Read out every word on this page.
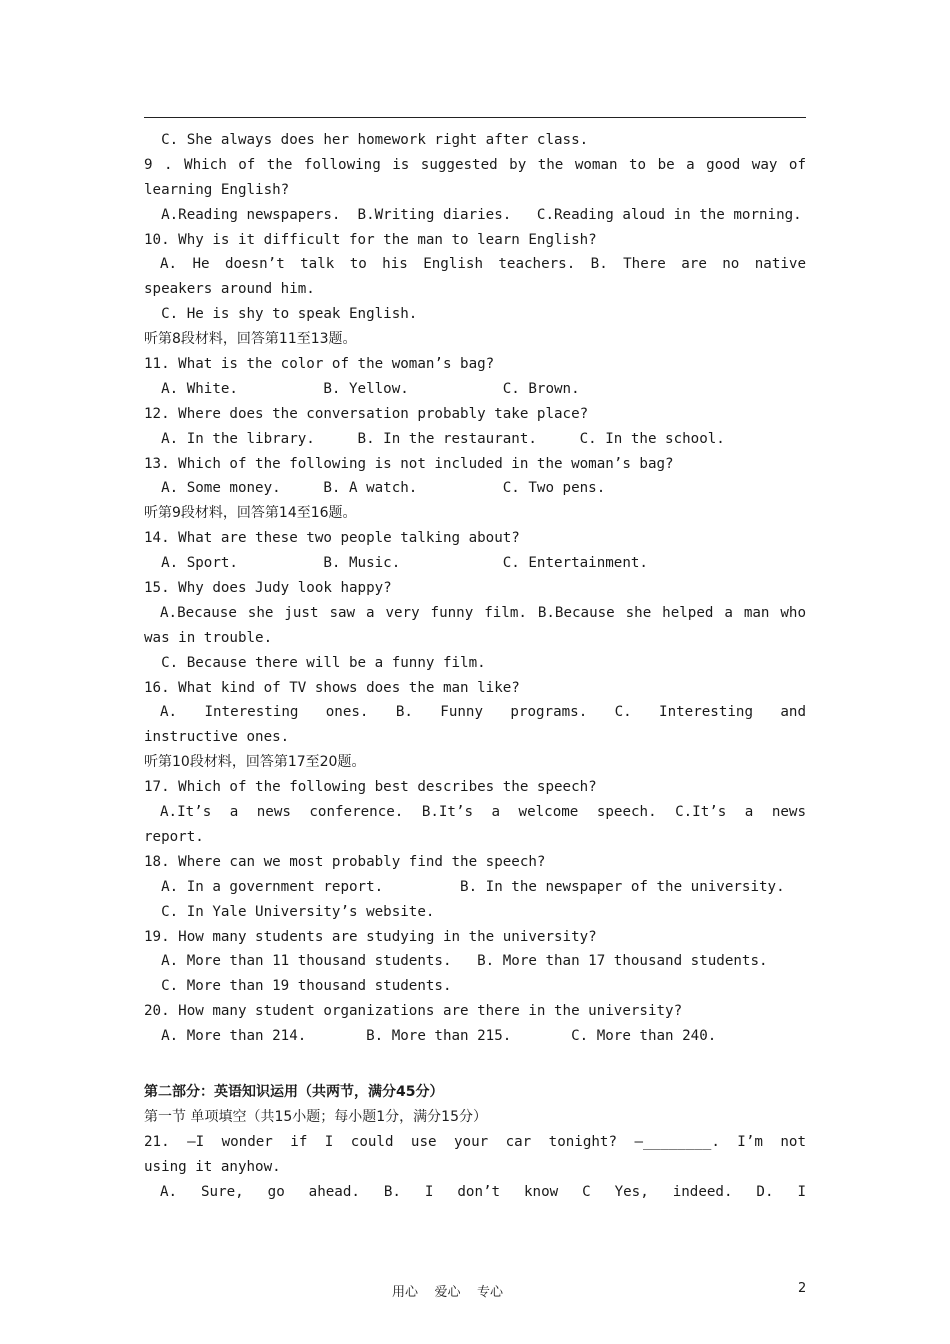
C. She always does her homework right after class.
9 . Which of the following is suggested by the woman to be a good way of
learning English?
A.Reading newspapers.  B.Writing diaries.   C.Reading aloud in the morning.
10. Why is it difficult for the man to learn English?
A. He doesn’t talk to his English teachers. B. There are no native
speakers around him.
C. He is shy to speak English.
听第8段材料，回答第11至13题。
11. What is the color of the woman’s bag?
A. White.          B. Yellow.           C. Brown.
12. Where does the conversation probably take place?
A. In the library.     B. In the restaurant.     C. In the school.
13. Which of the following is not included in the woman’s bag?
A. Some money.     B. A watch.          C. Two pens.
听第9段材料，回答第14至16题。
14. What are these two people talking about?
A. Sport.          B. Music.            C. Entertainment.
15. Why does Judy look happy?
A.Because she just saw a very funny film. B.Because she helped a man who
was in trouble.
C. Because there will be a funny film.
16. What kind of TV shows does the man like?
A. Interesting ones. B. Funny programs. C. Interesting and
instructive ones.
听第10段材料，回答第17至20题。
17. Which of the following best describes the speech?
A.It’s a news conference. B.It’s a welcome speech. C.It’s a news
report.
18. Where can we most probably find the speech?
A. In a government report.         B. In the newspaper of the university.
C. In Yale University’s website.
19. How many students are studying in the university?
A. More than 11 thousand students.   B. More than 17 thousand students.
C. More than 19 thousand students.
20. How many student organizations are there in the university?
A. More than 214.       B. More than 215.       C. More than 240.
第二部分：英语知识运用（共两节，满分45分）
第一节 单项填空（共15小题；每小题1分，满分15分）
21. —I wonder if I could use your car tonight? —________. I’m not
using it anyhow.
A. Sure, go ahead. B. I don’t know C Yes, indeed. D. I
用心    爱心    专心	2
